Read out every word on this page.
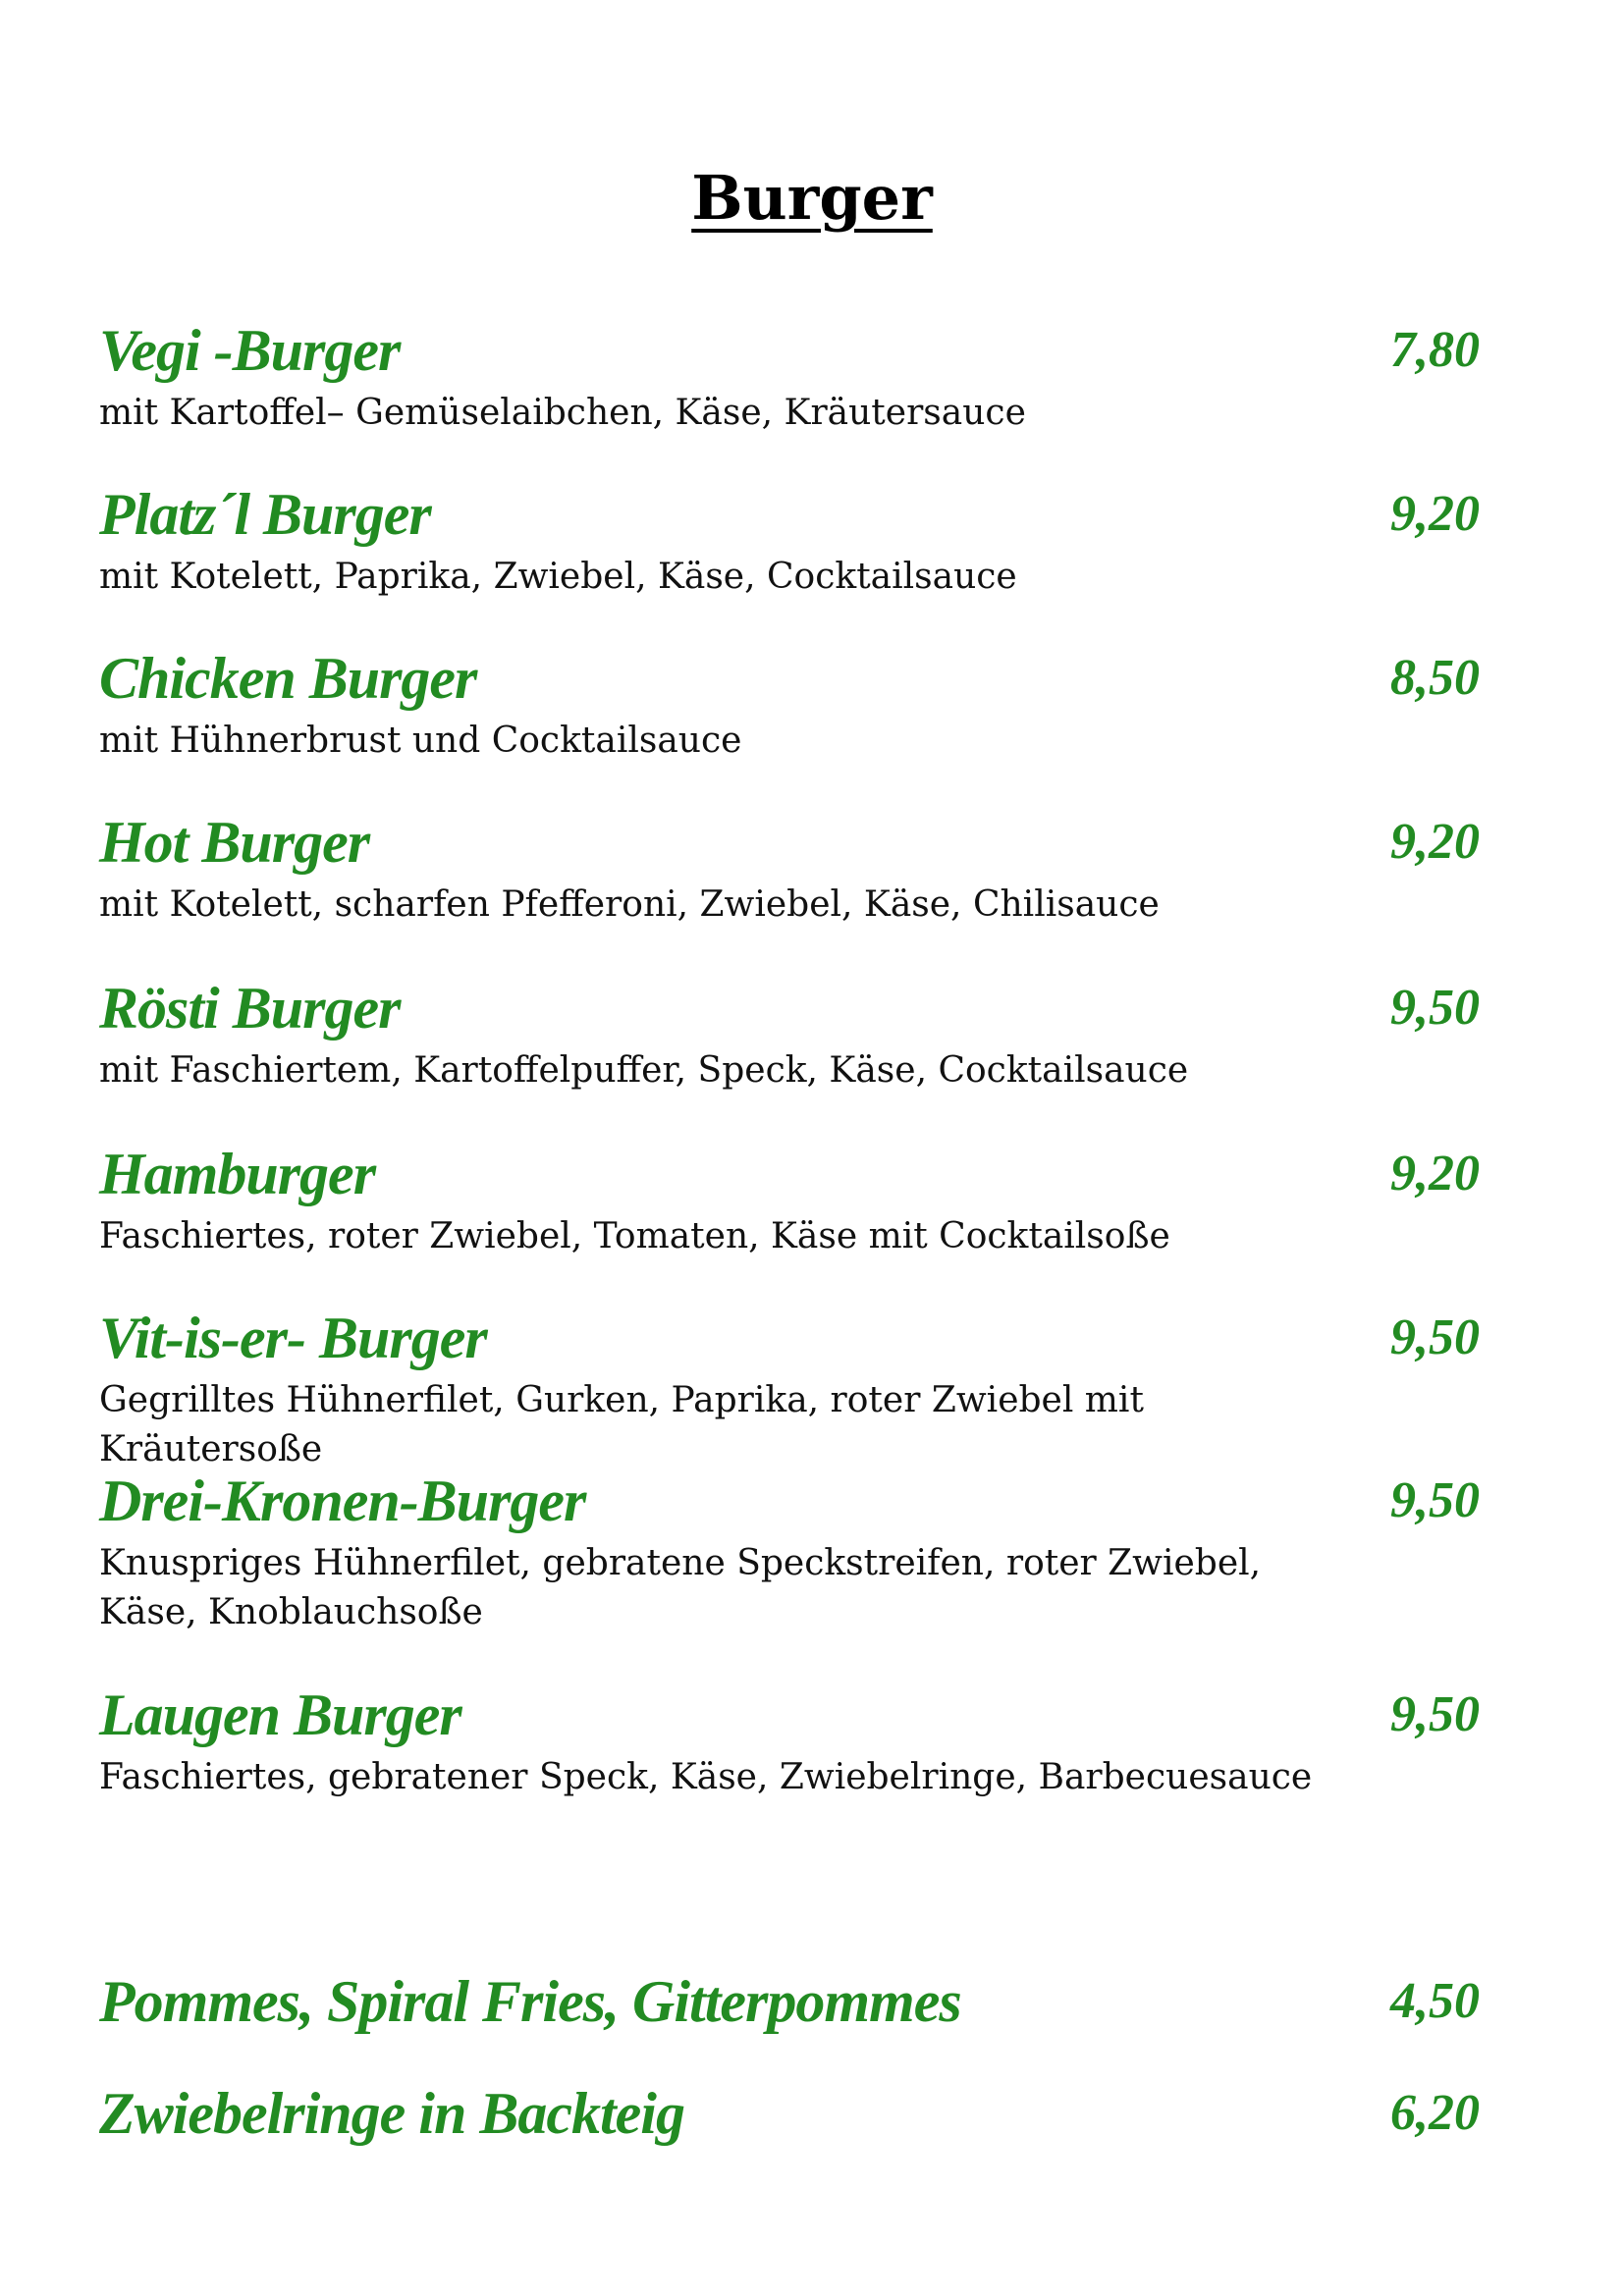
Burger
Vegi -Burger	7,80
mit Kartoffel– Gemüselaibchen, Käse, Kräutersauce
Platz´l Burger	9,20
mit Kotelett, Paprika, Zwiebel, Käse, Cocktailsauce
Chicken Burger	8,50
mit Hühnerbrust und Cocktailsauce
Hot Burger	9,20
mit Kotelett, scharfen Pfefferoni, Zwiebel, Käse, Chilisauce
Rösti Burger	9,50
mit Faschiertem, Kartoffelpuffer, Speck, Käse, Cocktailsauce
Hamburger	9,20
Faschiertes, roter Zwiebel, Tomaten, Käse mit Cocktailsoße
Vit-is-er- Burger	9,50
Gegrilltes Hühnerfilet, Gurken, Paprika, roter Zwiebel mit Kräutersoße
Drei-Kronen-Burger	9,50
Knuspriges Hühnerfilet, gebratene Speckstreifen, roter Zwiebel, Käse, Knoblauchsoße
Laugen Burger	9,50
Faschiertes, gebratener Speck, Käse, Zwiebelringe, Barbecuesauce
Pommes, Spiral Fries, Gitterpommes	4,50
Zwiebelringe in Backteig	6,20
